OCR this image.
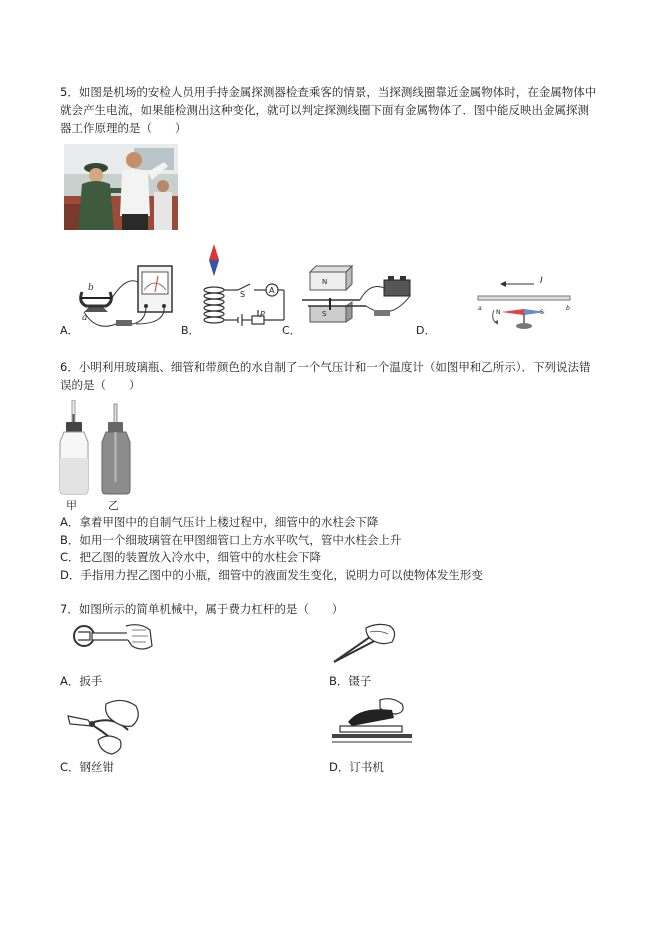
5．如图是机场的安检人员用手持金属探测器检查乘客的情景，当探测线圈靠近金属物体时，在金属物体中
就会产生电流，如果能检测出这种变化，就可以判定探测线圈下面有金属物体了．图中能反映出金属探测
器工作原理的是（　　）
b
a
A．
S	A
P
B．
N
S
C．
I
a	b
N	S
D．
6．小明利用玻璃瓶、细管和带颜色的水自制了一个气压计和一个温度计（如图甲和乙所示）．下列说法错
误的是（　　）
甲	乙
A．拿着甲图中的自制气压计上楼过程中，细管中的水柱会下降
B．如用一个细玻璃管在甲图细管口上方水平吹气，管中水柱会上升
C．把乙图的装置放入冷水中，细管中的水柱会下降
D．手指用力捏乙图中的小瓶，细管中的液面发生变化，说明力可以使物体发生形变
7．如图所示的简单机械中，属于费力杠杆的是（　　）
A．扳手	B．镊子
C．钢丝钳	D．订书机
